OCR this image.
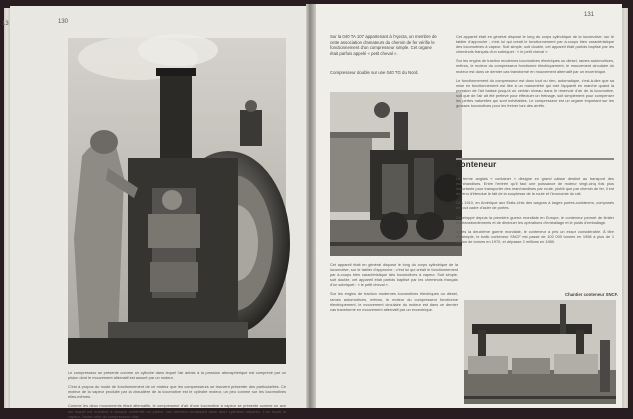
13	130

Le compresseur se présente comme un cylindre dans lequel l'air admis à la pression atmosphérique est comprimé par un piston dont le mouvement alternatif est assuré par un moteur.

C'est à propos du mode de fonctionnement de ce moteur que les compresseurs se trouvent présenter des particularités. Ce moteur de la vapeur produite par la chaudière de la locomotive est le cylindre moteur, un peu comme sur les locomotives elles-mêmes.

Comme les deux mouvements étant alternatifs, le compresseur d'air d'une locomotive à vapeur se présente comme un axe sur lequel est entraîné à chaque extrémité un piston, ces derniers coulissant dans deux cylindres séparés. L'un reçoit la vapeur, l'autre celle du compresseur d'air.

131
Sur la 040 TA 107 appartenant à l'Ajecta, un membre de cette association d'amateurs du chemin de fer vérifie le fonctionnement d'un compresseur simple. Cet organe était parfois appelé « petit cheval ».
Compresseur double sur une 040 TG du Nord.

Cet appareil était en général disposé le long du corps cylindrique de la locomotive, sur le tablier d'approche ; c'est lui qui créait le fonctionnement par à-coups bien caractéristique des locomotives à vapeur. Soit simple, soit double, cet appareil était parfois baptisé par les cheminots français d'un sobriquet : « le petit cheval ».

Sur les engins de traction modernes locomotives électriques ou diesel, rames automotrices, métros, le moteur du compresseur fonctionne électriquement, le mouvement circulaire du moteur est dans ce dernier cas transformé en mouvement alternatif par un excentrique.

Cet appareil était en général disposé le long du corps cylindrique de la locomotive, sur le tablier d'approche ; c'est lui qui créait le fonctionnement par à-coups bien caractéristique des locomotives à vapeur. Soit simple, soit double, cet appareil était parfois baptisé par les cheminots français d'un sobriquet : « le petit cheval ».

Sur les engins de traction modernes locomotives électriques ou diesel, rames automotrices, métros, le moteur du compresseur fonctionne électriquement, le mouvement circulaire du moteur est dans ce dernier cas transformé en mouvement alternatif par un excentrique.

Le fonctionnement du compresseur est donc tout ou rien, automatique, c'est-à-dire que sa mise en fonctionnement est liée à un manomètre qui met l'appareil en marche quand la pression de l'air baisse jusqu'à un certain niveau dans le réservoir d'air de la locomotive, soit que de l'air ait été prélevé pour effectuer un freinage, soit simplement pour compenser les pertes naturelles qui sont inévitables. Le compresseur est un organe important sur les grosses locomotives pour les freiner lors des arrêts.

conteneur

Le terme anglais « container » désigne en grand caisse destiné au transport des marchandises. Entre l'entrée qu'il faut une puissance de moteur vingt-cinq fois plus importante pour transporter des marchandises par route, plutôt que par chemin de fer, il est devenu d'étendue le fait de la souplesse de la route et l'économie du rail.

Dès 1910, en Amérique aux Etats-Unis des wagons à larges portes-containers, composés de tout cadre d'acier de portes.

Développé depuis la première guerre mondiale en Europe, le conteneur permet de limiter les transbordements et de diminuer les opérations d'emballage et le poids d'emballage.

Après la deuxième guerre mondiale, le conteneur a pris un essor considérable. À titre d'exemple, le trafic conteneur SNCF est passé de 100 000 tonnes en 1958 à plus de 1 million de tonnes en 1970, et dépasse 2 millions en 1980.

Chantier conteneur SNCF.
